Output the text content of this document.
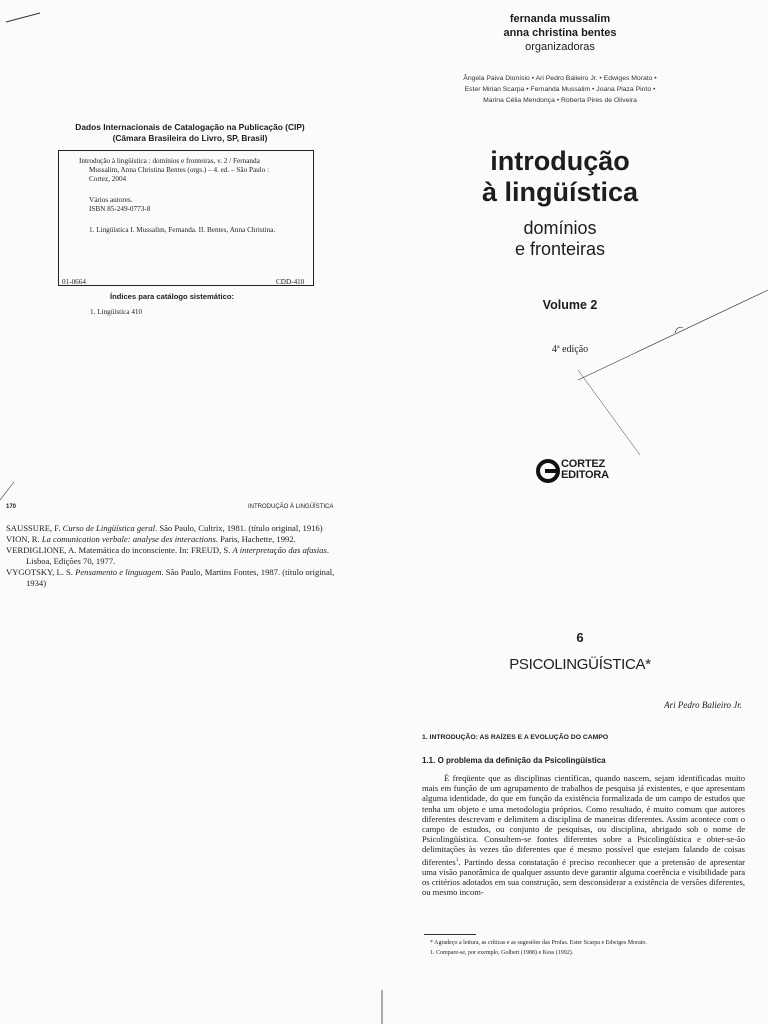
Dados Internacionais de Catalogação na Publicação (CIP)
(Câmara Brasileira do Livro, SP, Brasil)

Introdução à lingüística : domínios e fronteiras, v. 2 / Fernanda

Mussalim, Anna Christina Bentes (orgs.) – 4. ed. – São Paulo :

Cortez, 2004

Vários autores.

ISBN 85-249-0773-8

1. Lingüística I. Mussalim, Fernanda. II. Bentes, Anna Christina.

01-0664	CDD-410
Índices para catálogo sistemático:
1. Lingüística 410
fernanda mussalim
anna christina bentes
organizadoras
Ângela Paiva Dionísio • Ari Pedro Balieiro Jr. • Edwiges Morato •
Ester Mirian Scarpa • Fernanda Mussalim • Joana Plaza Pinto •
Marina Célia Mendonça • Roberta Pires de Oliveira
introdução
à lingüística
domínios
e fronteiras
Volume 2
4ª edição
CORTEZ
EDITORA
170	INTRODUÇÃO À LINGÜÍSTICA

SAUSSURE, F. Curso de Lingüística geral. São Paulo, Cultrix, 1981. (título original, 1916)

VION, R. La comunication verbale: analyse des interactions. Paris, Hachette, 1992.

VERDIGLIONE, A. Matemática do inconsciente. In: FREUD, S. A interpretação das afasias. Lisboa, Edições 70, 1977.

VYGOTSKY, L. S. Pensamento e linguagem. São Paulo, Martins Fontes, 1987. (título original, 1934)

6
PSICOLINGÜÍSTICA*
Ari Pedro Balieiro Jr.
1. INTRODUÇÃO: AS RAÍZES E A EVOLUÇÃO DO CAMPO
1.1. O problema da definição da Psicolingüística

É freqüente que as disciplinas científicas, quando nascem, sejam identificadas muito mais em função de um agrupamento de trabalhos de pesquisa já existentes, e que apresentam alguma identidade, do que em função da existência formalizada de um campo de estudos que tenha um objeto e uma metodologia próprios. Como resultado, é muito comum que autores diferentes descrevam e delimitem a disciplina de maneiras diferentes. Assim acontece com o campo de estudos, ou conjunto de pesquisas, ou disciplina, abrigado sob o nome de Psicolingüística. Consultem-se fontes diferentes sobre a Psicolingüística e obter-se-ão delimitações às vezes tão diferentes que é mesmo possível que estejam falando de coisas diferentes$^1$. Partindo dessa constatação é preciso reconhecer que a pretensão de apresentar uma visão panorâmica de qualquer assunto deve garantir alguma coerência e visibilidade para os critérios adotados em sua construção, sem desconsiderar a existência de versões diferentes, ou mesmo incom-

* Agradeço a leitura, as críticas e as sugestões das Profas. Ester Scarpa e Edwiges Morato.

1. Compare-se, por exemplo, Golbert (1988) e Kess (1992).
